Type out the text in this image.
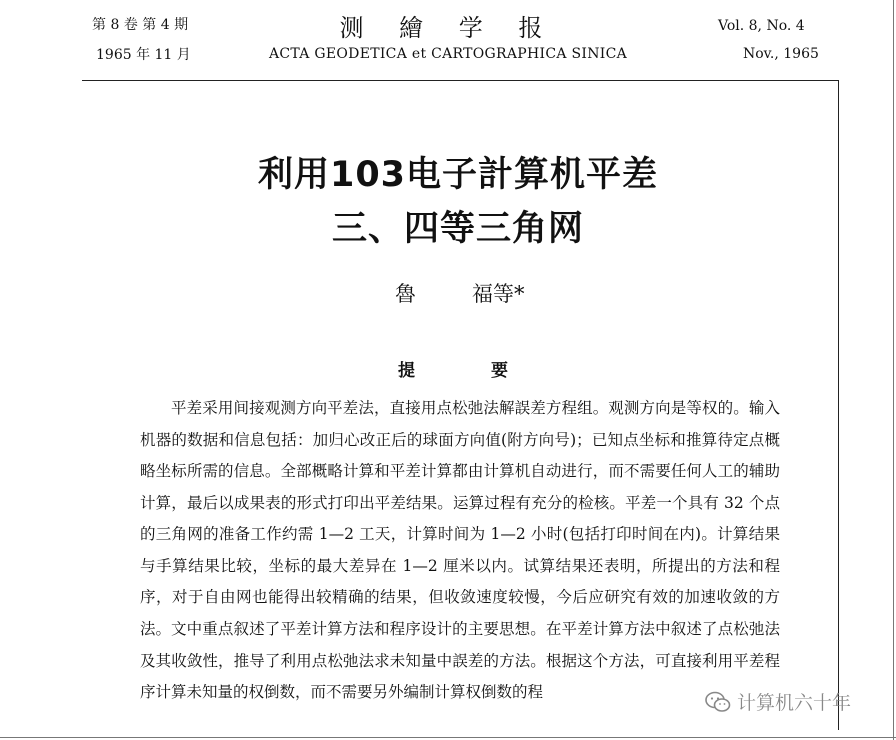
第 8 卷 第 4 期
1965 年 11 月
测 繪 学 报
ACTA GEODETICA et CARTOGRAPHICA SINICA
Vol. 8, No. 4
Nov., 1965
利用103电子計算机平差
三、四等三角网
魯	福等*
提要

平差采用间接观测方向平差法，直接用点松弛法解誤差方程组。观测方向是等权的。输入机器的数据和信息包括：加归心改正后的球面方向值(附方向号)；已知点坐标和推算待定点概略坐标所需的信息。全部概略计算和平差计算都由计算机自动进行，而不需要任何人工的辅助计算，最后以成果表的形式打印出平差结果。运算过程有充分的检核。平差一个具有 32 个点的三角网的准备工作约需 1—2 工天，计算时间为 1—2 小时(包括打印时间在内)。计算结果与手算结果比较，坐标的最大差异在 1—2 厘米以内。试算结果还表明，所提出的方法和程序，对于自由网也能得出较精确的结果，但收敛速度较慢，今后应研究有效的加速收敛的方法。 文中重点叙述了平差计算方法和程序设计的主要思想。在平差计算方法中叙述了点松弛法及其收敛性，推导了利用点松弛法求未知量中誤差的方法。根据这个方法，可直接利用平差程序计算未知量的权倒数，而不需要另外编制计算权倒数的程	计算机六十年
